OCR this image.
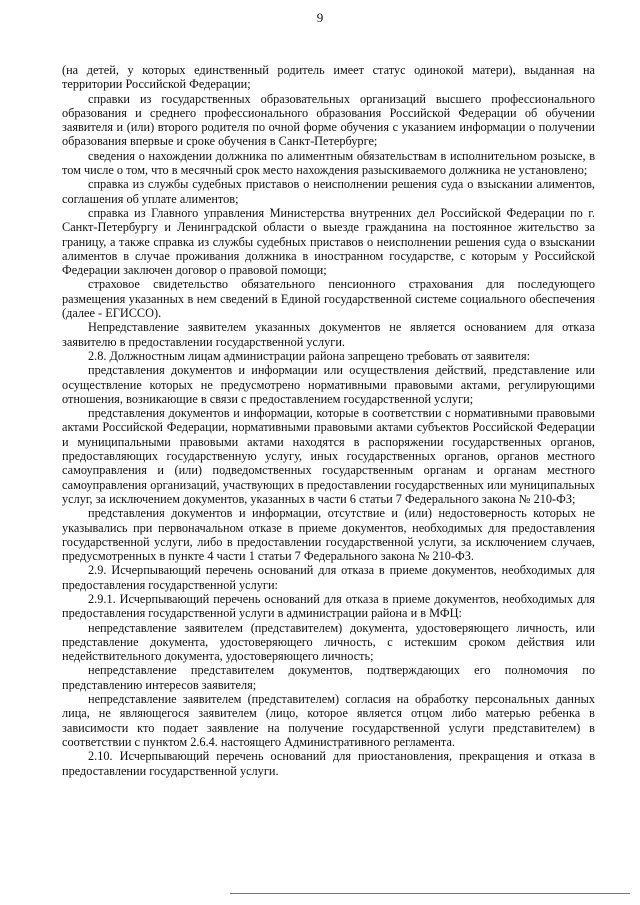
9

(на детей, у которых единственный родитель имеет статус одинокой матери), выданная на территории Российской Федерации;

справки из государственных образовательных организаций высшего профессионального образования и среднего профессионального образования Российской Федерации об обучении заявителя и (или) второго родителя по очной форме обучения с указанием информации о получении образования впервые и сроке обучения в Санкт-Петербурге;

сведения о нахождении должника по алиментным обязательствам в исполнительном розыске, в том числе о том, что в месячный срок место нахождения разыскиваемого должника не установлено;

справка из службы судебных приставов о неисполнении решения суда о взыскании алиментов, соглашения об уплате алиментов;

справка из Главного управления Министерства внутренних дел Российской Федерации по г. Санкт-Петербургу и Ленинградской области о выезде гражданина на постоянное жительство за границу, а также справка из службы судебных приставов о неисполнении решения суда о взыскании алиментов в случае проживания должника в иностранном государстве, с которым у Российской Федерации заключен договор о правовой помощи;

страховое свидетельство обязательного пенсионного страхования для последующего размещения указанных в нем сведений в Единой государственной системе социального обеспечения (далее - ЕГИССО).

Непредставление заявителем указанных документов не является основанием для отказа заявителю в предоставлении государственной услуги.

2.8. Должностным лицам администрации района запрещено требовать от заявителя:

представления документов и информации или осуществления действий, представление или осуществление которых не предусмотрено нормативными правовыми актами, регулирующими отношения, возникающие в связи с предоставлением государственной услуги;

представления документов и информации, которые в соответствии с нормативными правовыми актами Российской Федерации, нормативными правовыми актами субъектов Российской Федерации и муниципальными правовыми актами находятся в распоряжении государственных органов, предоставляющих государственную услугу, иных государственных органов, органов местного самоуправления и (или) подведомственных государственным органам и органам местного самоуправления организаций, участвующих в предоставлении государственных или муниципальных услуг, за исключением документов, указанных в части 6 статьи 7 Федерального закона № 210-ФЗ;

представления документов и информации, отсутствие и (или) недостоверность которых не указывались при первоначальном отказе в приеме документов, необходимых для предоставления государственной услуги, либо в предоставлении государственной услуги, за исключением случаев, предусмотренных в пункте 4 части 1 статьи 7 Федерального закона № 210-ФЗ.

2.9. Исчерпывающий перечень оснований для отказа в приеме документов, необходимых для предоставления государственной услуги:

2.9.1. Исчерпывающий перечень оснований для отказа в приеме документов, необходимых для предоставления государственной услуги в администрации района и в МФЦ:

непредставление заявителем (представителем) документа, удостоверяющего личность, или представление документа, удостоверяющего личность, с истекшим сроком действия или недействительного документа, удостоверяющего личность;

непредставление представителем документов, подтверждающих его полномочия по представлению интересов заявителя;

непредставление заявителем (представителем) согласия на обработку персональных данных лица, не являющегося заявителем (лицо, которое является отцом либо матерью ребенка в зависимости кто подает заявление на получение государственной услуги представителем) в соответствии с пунктом 2.6.4. настоящего Административного регламента.

2.10. Исчерпывающий перечень оснований для приостановления, прекращения и отказа в предоставлении государственной услуги.
